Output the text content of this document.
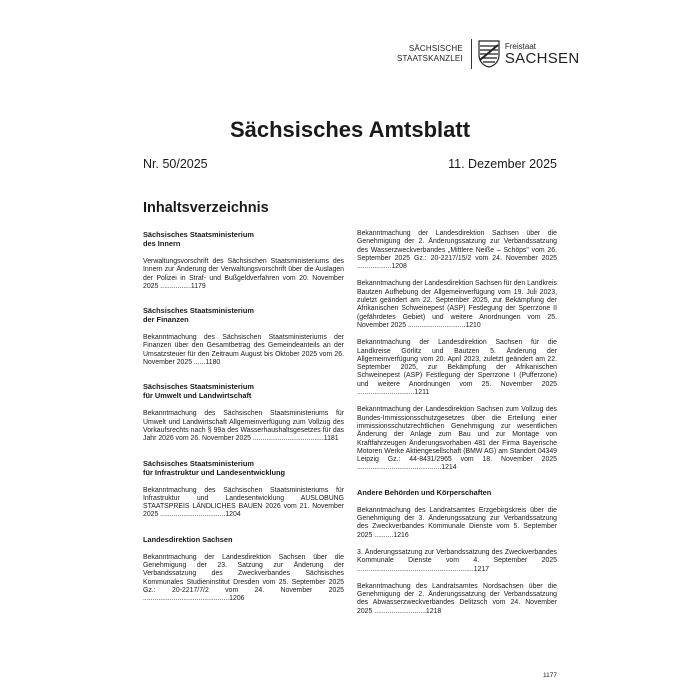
SÄCHSISCHE
STAATSKANZLEI
Freistaat
SACHSEN
Sächsisches Amtsblatt
Nr. 50/2025	11. Dezember 2025
Inhaltsverzeichnis
Sächsisches Staatsministerium
des Innern
Verwaltungsvorschrift des Sächsischen Staatsministeriums des Innern zur Änderung der Verwaltungsvorschrift über die Auslagen der Polizei in Straf- und Bußgeldverfahren vom 20. November 2025 ................1179
Sächsisches Staatsministerium
der Finanzen
Bekanntmachung des Sächsischen Staatsministeriums der Finanzen über den Gesamtbetrag des Gemeindeanteils an der Umsatzsteuer für den Zeitraum August bis Oktober 2025 vom 26. November 2025 ......1180
Sächsisches Staatsministerium
für Umwelt und Landwirtschaft
Bekanntmachung des Sächsischen Staatsministeriums für Umwelt und Landwirtschaft Allgemeinverfügung zum Vollzug des Vorkaufsrechts nach § 99a des Wasserhaushaltsgesetzes für das Jahr 2026 vom 26. November 2025 .....................................1181
Sächsisches Staatsministerium
für Infrastruktur und Landesentwicklung
Bekanntmachung des Sächsischen Staatsministeriums für Infrastruktur und Landesentwicklung AUSLOBUNG STAATSPREIS LÄNDLICHES BAUEN 2026 vom 21. November 2025 ..................................1204
Landesdirektion Sachsen
Bekanntmachung der Landesdirektion Sachsen über die Genehmigung der 23. Satzung zur Änderung der Verbandssatzung des Zweckverbandes Sächsisches Kommunales Studieninstitut Dresden vom 25. September 2025 Gz.: 20-2217/7/2 vom 24. November 2025 .............................................1206
Bekanntmachung der Landesdirektion Sachsen über die Genehmigung der 2. Änderungssatzung zur Verbandssatzung des Wasserzweckverbandes „Mittlere Neiße – Schöps" vom 26. September 2025 Gz.: 20-2217/15/2 vom 24. November 2025 ..................1208
Bekanntmachung der Landesdirektion Sachsen für den Landkreis Bautzen Aufhebung der Allgemeinverfügung vom 19. Juli 2023, zuletzt geändert am 22. September 2025, zur Bekämpfung der Afrikanischen Schweinepest (ASP) Festlegung der Sperrzone II (gefährdetes Gebiet) und weitere Anordnungen vom 25. November 2025 ..............................1210
Bekanntmachung der Landesdirektion Sachsen für die Landkreise Görlitz und Bautzen 5. Änderung der Allgemeinverfügung vom 20. April 2023, zuletzt geändert am 22. September 2025, zur Bekämpfung der Afrikanischen Schweinepest (ASP) Festlegung der Sperrzone I (Pufferzone) und weitere Anordnungen vom 25. November 2025 ..............................1211
Bekanntmachung der Landesdirektion Sachsen zum Vollzug des Bundes-Immissionsschutzgesetzes über die Erteilung einer immissionsschutzrechtlichen Genehmigung zur wesentlichen Änderung der Anlage zum Bau und zur Montage von Kraftfahrzeugen Änderungsvorhaben 481 der Firma Bayerische Motoren Werke Aktiengesellschaft (BMW AG) am Standort 04349 Leipzig Gz.: 44-8431/2965 vom 18. November 2025 ............................................1214
Andere Behörden und Körperschaften
Bekanntmachung des Landratsamtes Erzgebirgskreis über die Genehmigung der 3. Änderungssatzung zur Verbandssatzung des Zweckverbandes Kommunale Dienste vom 5. September 2025 ..........1216
3. Änderungssatzung zur Verbandssatzung des Zweckverbandes Kommunale Dienste vom 4. September 2025 .............................................................1217
Bekanntmachung des Landratsamtes Nordsachsen über die Genehmigung der 2. Änderungssatzung der Verbandssatzung des Abwasserzweckverbandes Delitzsch vom 24. November 2025 ...........................1218
1177
